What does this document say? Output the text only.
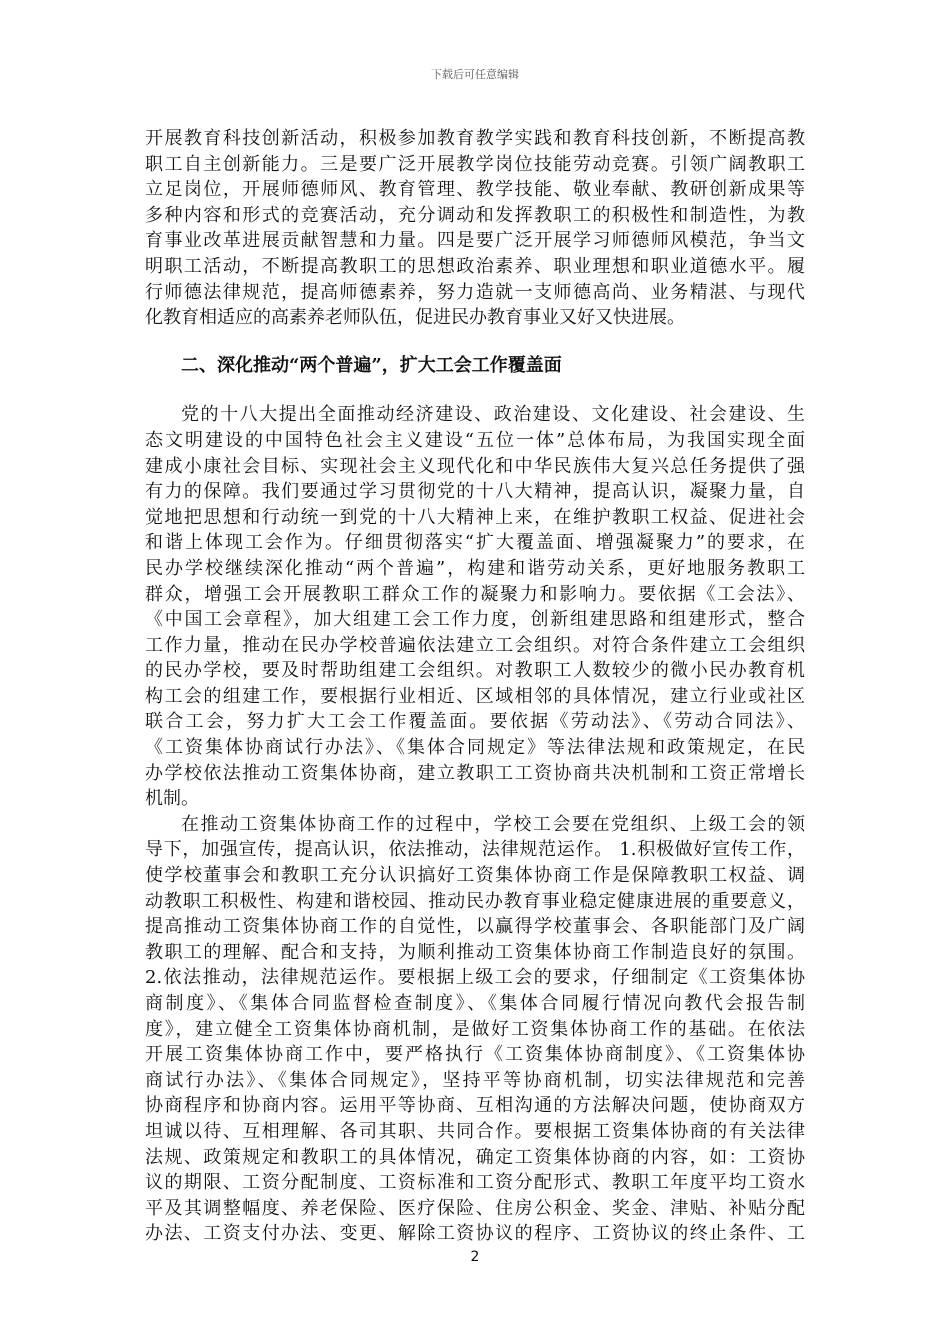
下载后可任意编辑
开展教育科技创新活动，积极参加教育教学实践和教育科技创新，不断提高教
职工自主创新能力。三是要广泛开展教学岗位技能劳动竞赛。引领广阔教职工
立足岗位，开展师德师风、教育管理、教学技能、敬业奉献、教研创新成果等
多种内容和形式的竞赛活动，充分调动和发挥教职工的积极性和制造性，为教
育事业改革进展贡献智慧和力量。四是要广泛开展学习师德师风模范，争当文
明职工活动，不断提高教职工的思想政治素养、职业理想和职业道德水平。履
行师德法律规范，提高师德素养，努力造就一支师德高尚、业务精湛、与现代
化教育相适应的高素养老师队伍，促进民办教育事业又好又快进展。
二、深化推动“两个普遍”，扩大工会工作覆盖面
党的十八大提出全面推动经济建设、政治建设、文化建设、社会建设、生
态文明建设的中国特色社会主义建设“五位一体”总体布局，为我国实现全面
建成小康社会目标、实现社会主义现代化和中华民族伟大复兴总任务提供了强
有力的保障。我们要通过学习贯彻党的十八大精神，提高认识，凝聚力量，自
觉地把思想和行动统一到党的十八大精神上来，在维护教职工权益、促进社会
和谐上体现工会作为。仔细贯彻落实“扩大覆盖面、增强凝聚力”的要求，在
民办学校继续深化推动“两个普遍”，构建和谐劳动关系，更好地服务教职工
群众，增强工会开展教职工群众工作的凝聚力和影响力。要依据《工会法》、
《中国工会章程》，加大组建工会工作力度，创新组建思路和组建形式，整合
工作力量，推动在民办学校普遍依法建立工会组织。对符合条件建立工会组织
的民办学校，要及时帮助组建工会组织。对教职工人数较少的微小民办教育机
构工会的组建工作，要根据行业相近、区域相邻的具体情况，建立行业或社区
联合工会，努力扩大工会工作覆盖面。要依据《劳动法》、《劳动合同法》、
《工资集体协商试行办法》、《集体合同规定》等法律法规和政策规定，在民
办学校依法推动工资集体协商，建立教职工工资协商共决机制和工资正常增长
机制。
在推动工资集体协商工作的过程中，学校工会要在党组织、上级工会的领
导下，加强宣传，提高认识，依法推动，法律规范运作。 1.积极做好宣传工作，
使学校董事会和教职工充分认识搞好工资集体协商工作是保障教职工权益、调
动教职工积极性、构建和谐校园、推动民办教育事业稳定健康进展的重要意义，
提高推动工资集体协商工作的自觉性，以赢得学校董事会、各职能部门及广阔
教职工的理解、配合和支持，为顺利推动工资集体协商工作制造良好的氛围。
2.依法推动，法律规范运作。要根据上级工会的要求，仔细制定《工资集体协
商制度》、《集体合同监督检查制度》、《集体合同履行情况向教代会报告制
度》，建立健全工资集体协商机制，是做好工资集体协商工作的基础。在依法
开展工资集体协商工作中，要严格执行《工资集体协商制度》、《工资集体协
商试行办法》、《集体合同规定》，坚持平等协商机制，切实法律规范和完善
协商程序和协商内容。运用平等协商、互相沟通的方法解决问题，使协商双方
坦诚以待、互相理解、各司其职、共同合作。要根据工资集体协商的有关法律
法规、政策规定和教职工的具体情况，确定工资集体协商的内容，如：工资协
议的期限、工资分配制度、工资标准和工资分配形式、教职工年度平均工资水
平及其调整幅度、养老保险、医疗保险、住房公积金、奖金、津贴、补贴分配
办法、工资支付办法、变更、解除工资协议的程序、工资协议的终止条件、工
2
